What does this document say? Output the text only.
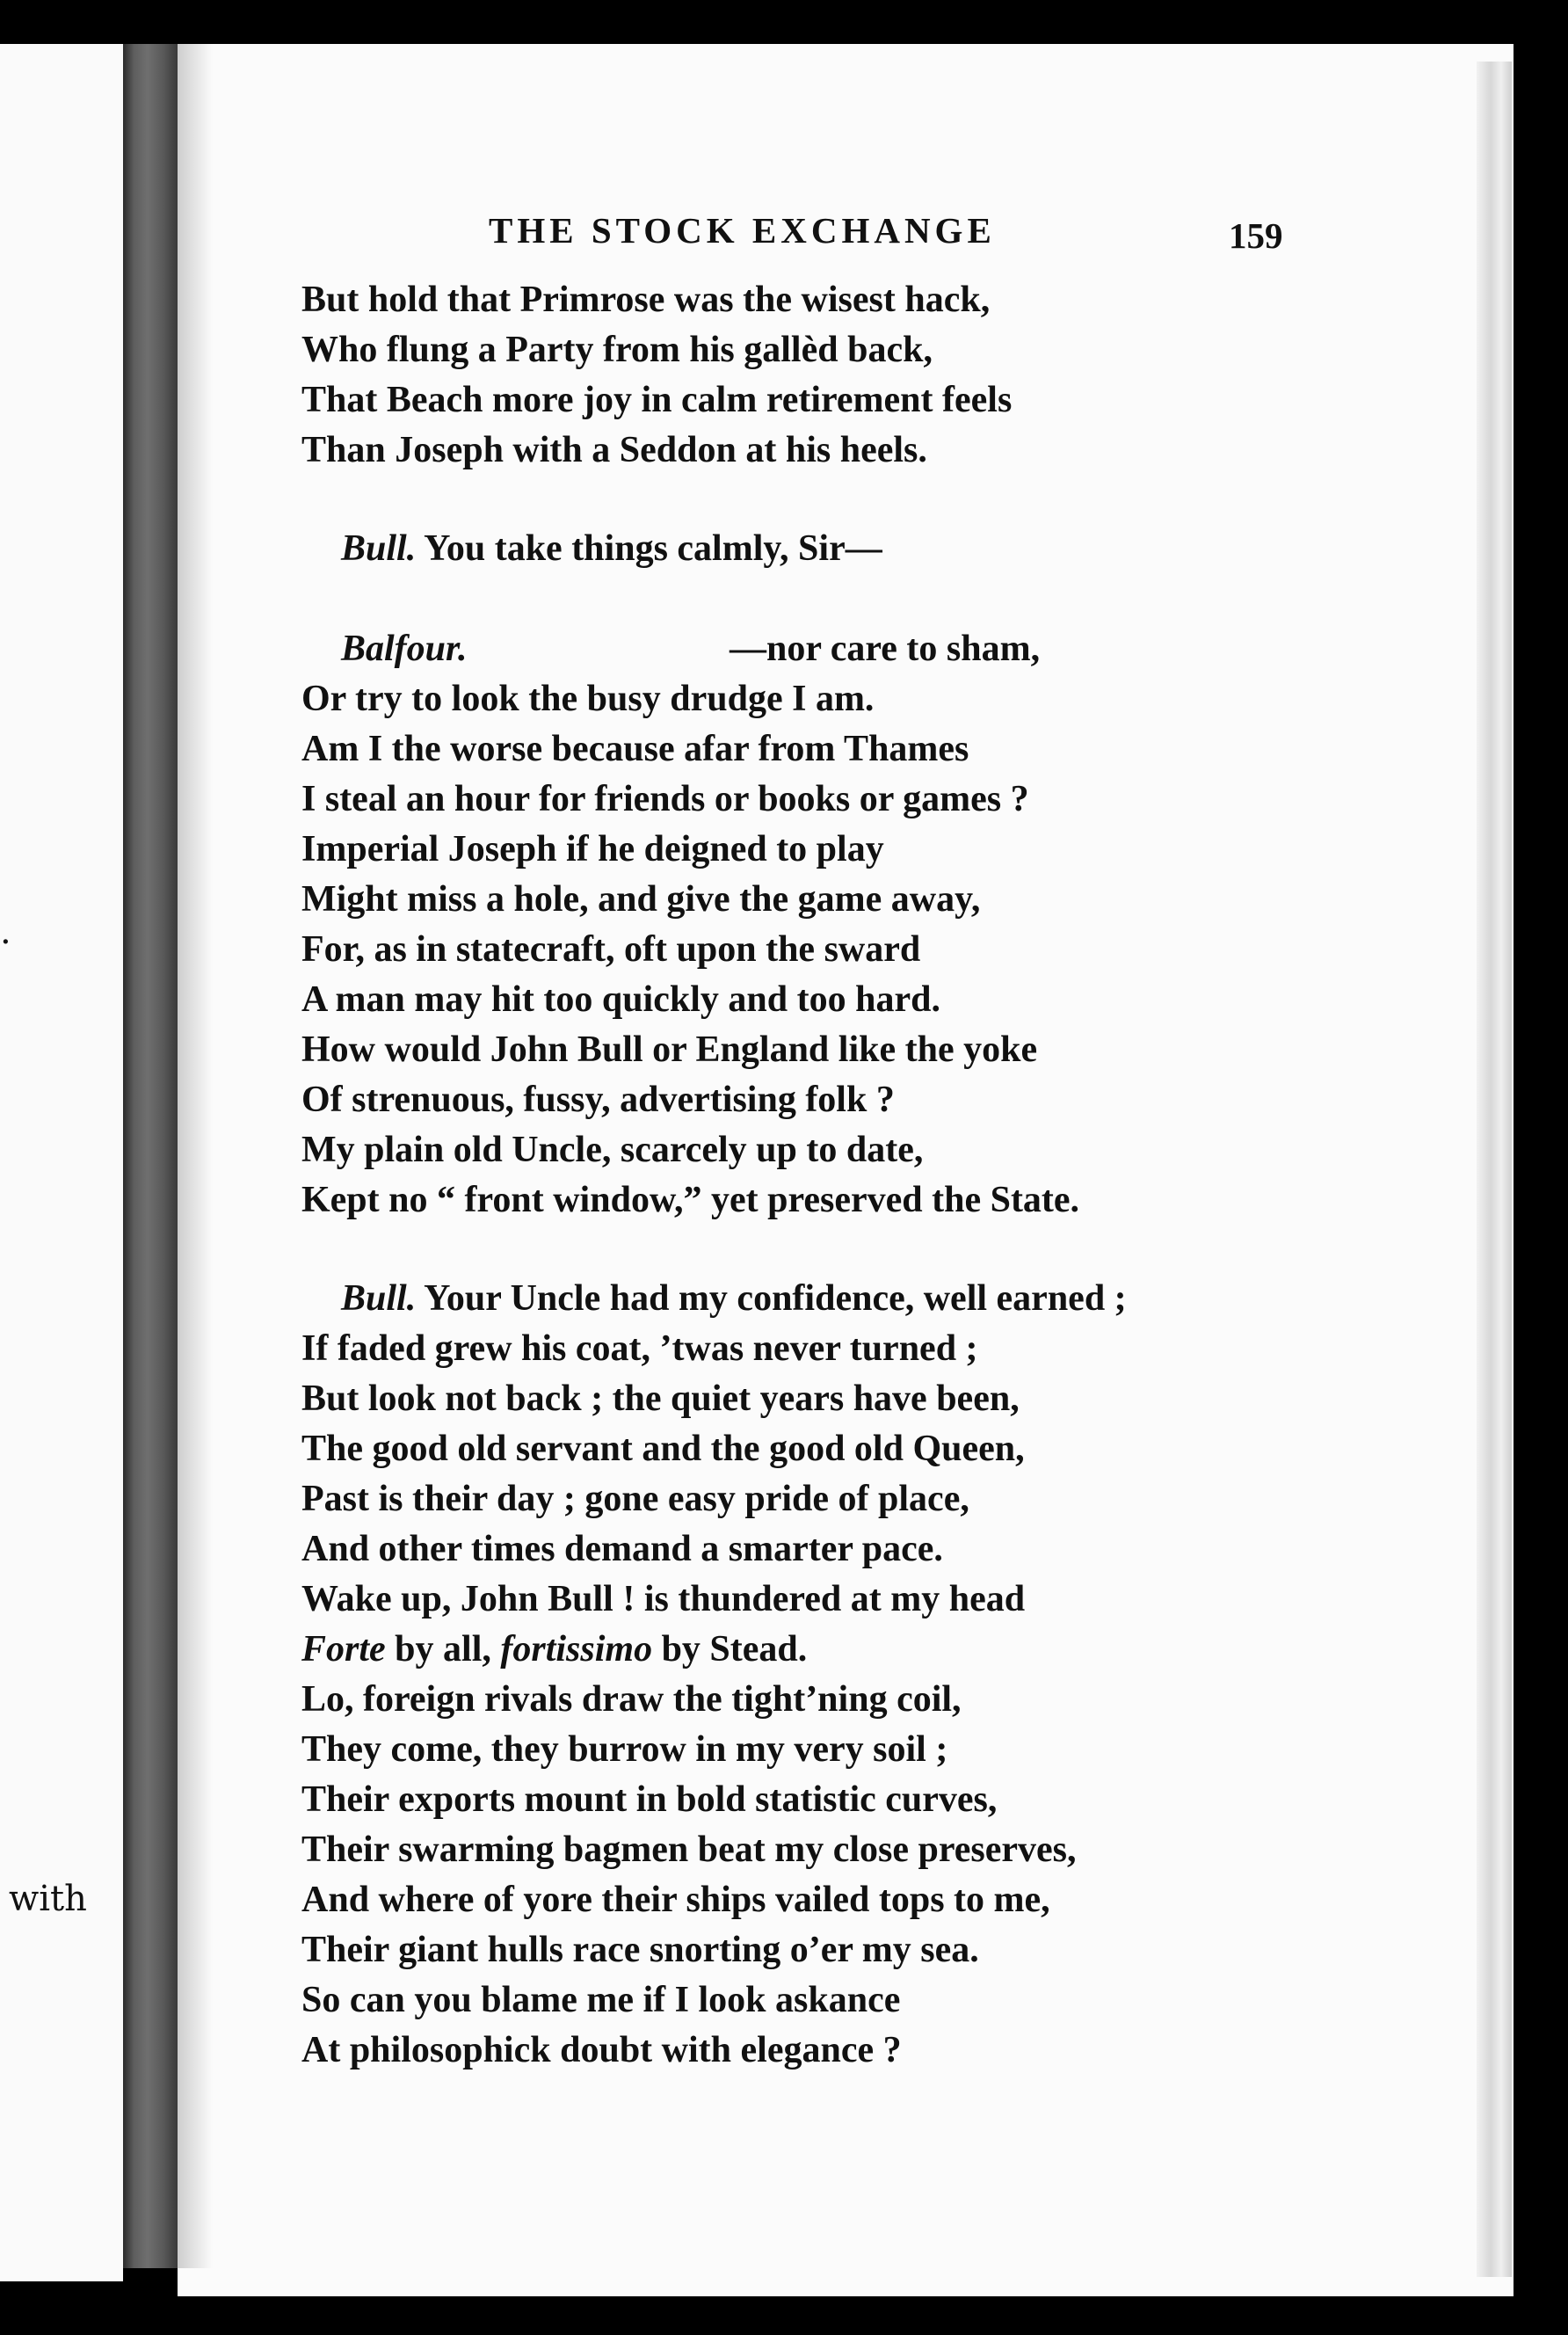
.
with
THE STOCK EXCHANGE	159
But hold that Primrose was the wisest hack,
Who flung a Party from his gallèd back,
That Beach more joy in calm retirement feels
Than Joseph with a Seddon at his heels.
Bull. You take things calmly, Sir—
Balfour.	—nor care to sham,
Or try to look the busy drudge I am.
Am I the worse because afar from Thames
I steal an hour for friends or books or games ?
Imperial Joseph if he deigned to play
Might miss a hole, and give the game away,
For, as in statecraft, oft upon the sward
A man may hit too quickly and too hard.
How would John Bull or England like the yoke
Of strenuous, fussy, advertising folk ?
My plain old Uncle, scarcely up to date,
Kept no “ front window,” yet preserved the State.
Bull. Your Uncle had my confidence, well earned ;
If faded grew his coat, ’twas never turned ;
But look not back ; the quiet years have been,
The good old servant and the good old Queen,
Past is their day ; gone easy pride of place,
And other times demand a smarter pace.
Wake up, John Bull ! is thundered at my head
Forte by all, fortissimo by Stead.
Lo, foreign rivals draw the tight’ning coil,
They come, they burrow in my very soil ;
Their exports mount in bold statistic curves,
Their swarming bagmen beat my close preserves,
And where of yore their ships vailed tops to me,
Their giant hulls race snorting o’er my sea.
So can you blame me if I look askance
At philosophick doubt with elegance ?
